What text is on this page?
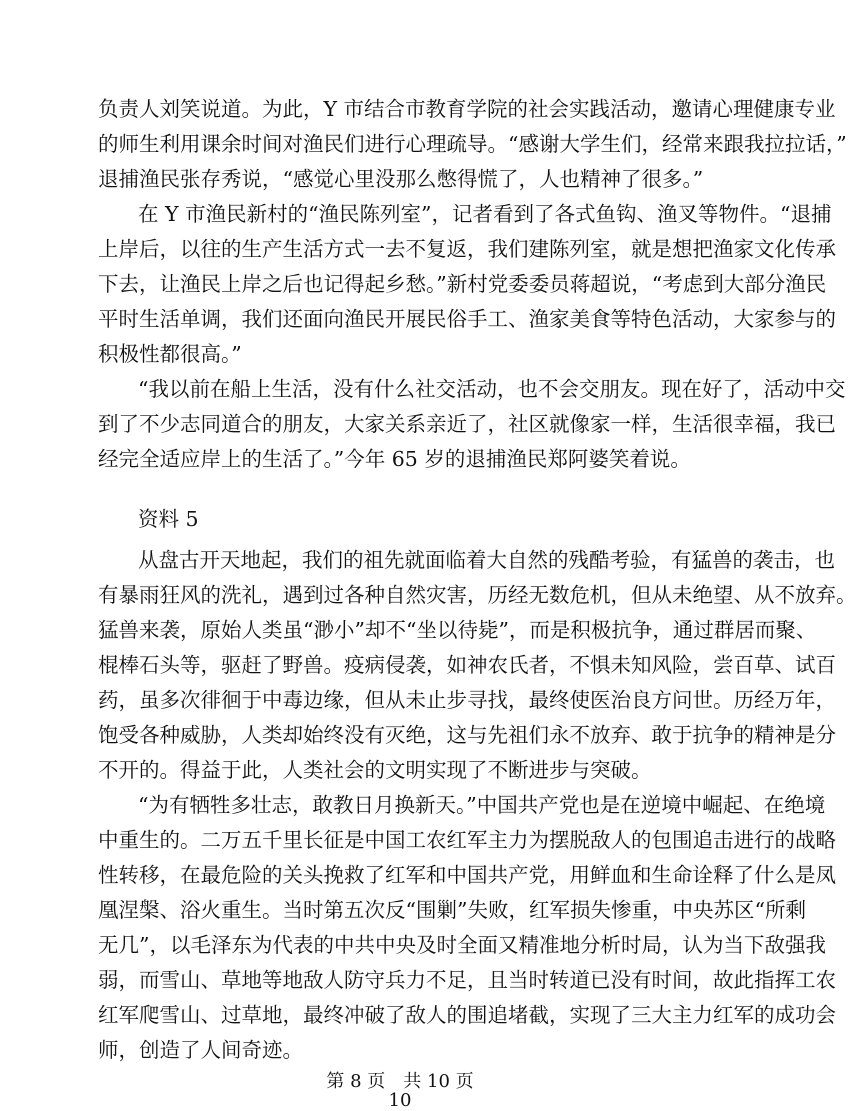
负责人刘笑说道。为此，Y 市结合市教育学院的社会实践活动，邀请心理健康专业
的师生利用课余时间对渔民们进行心理疏导。“感谢大学生们，经常来跟我拉拉话，”
退捕渔民张存秀说，“感觉心里没那么憋得慌了，人也精神了很多。”
在 Y 市渔民新村的“渔民陈列室”，记者看到了各式鱼钩、渔叉等物件。“退捕
上岸后，以往的生产生活方式一去不复返，我们建陈列室，就是想把渔家文化传承
下去，让渔民上岸之后也记得起乡愁。”新村党委委员蒋超说，“考虑到大部分渔民
平时生活单调，我们还面向渔民开展民俗手工、渔家美食等特色活动，大家参与的
积极性都很高。”
“我以前在船上生活，没有什么社交活动，也不会交朋友。现在好了，活动中交
到了不少志同道合的朋友，大家关系亲近了，社区就像家一样，生活很幸福，我已
经完全适应岸上的生活了。”今年 65 岁的退捕渔民郑阿婆笑着说。
资料 5
从盘古开天地起，我们的祖先就面临着大自然的残酷考验，有猛兽的袭击，也
有暴雨狂风的洗礼，遇到过各种自然灾害，历经无数危机，但从未绝望、从不放弃。
猛兽来袭，原始人类虽“渺小”却不“坐以待毙”，而是积极抗争，通过群居而聚、
棍棒石头等，驱赶了野兽。疫病侵袭，如神农氏者，不惧未知风险，尝百草、试百
药，虽多次徘徊于中毒边缘，但从未止步寻找，最终使医治良方问世。历经万年，
饱受各种威胁，人类却始终没有灭绝，这与先祖们永不放弃、敢于抗争的精神是分
不开的。得益于此，人类社会的文明实现了不断进步与突破。
“为有牺牲多壮志，敢教日月换新天。”中国共产党也是在逆境中崛起、在绝境
中重生的。二万五千里长征是中国工农红军主力为摆脱敌人的包围追击进行的战略
性转移，在最危险的关头挽救了红军和中国共产党，用鲜血和生命诠释了什么是凤
凰涅槃、浴火重生。当时第五次反“围剿”失败，红军损失惨重，中央苏区“所剩
无几”，以毛泽东为代表的中共中央及时全面又精准地分析时局，认为当下敌强我
弱，而雪山、草地等地敌人防守兵力不足，且当时转道已没有时间，故此指挥工农
红军爬雪山、过草地，最终冲破了敌人的围追堵截，实现了三大主力红军的成功会
师，创造了人间奇迹。
第 8 页　共 10 页
10
